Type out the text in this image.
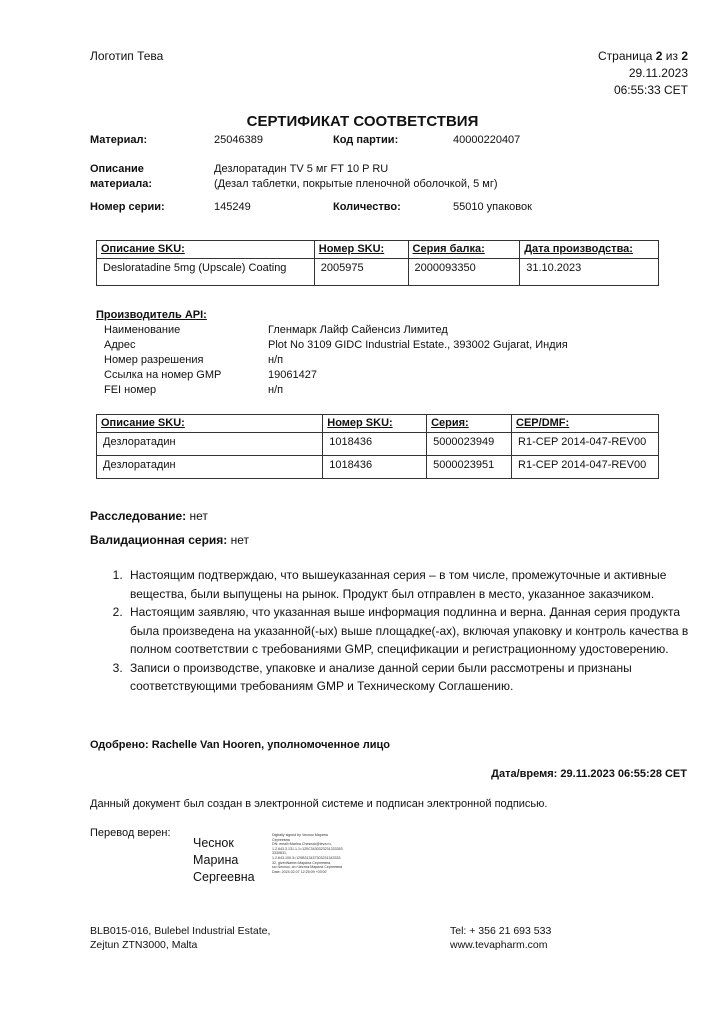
Логотип Тева	Страница 2 из 2
29.11.2023
06:55:33 CET
СЕРТИФИКАТ СООТВЕТСТВИЯ
Материал:	25046389	Код партии:	40000220407
Описание
материала:
Дезлоратадин TV 5 мг FT 10 P RU
(Дезал таблетки, покрытые пленочной оболочкой, 5 мг)
Номер серии:	145249	Количество:	55010 упаковок
Описание SKU:	Номер SKU:	Серия балка:	Дата производства:
Desloratadine 5mg (Upscale) Coating	2005975	2000093350	31.10.2023
Производитель API:
Наименование	Гленмарк Лайф Сайенсиз Лимитед
Адрес	Plot No 3109 GIDC Industrial Estate., 393002 Gujarat, Индия
Номер разрешения	н/п
Ссылка на номер GMP	19061427
FEI номер	н/п
Описание SKU:	Номер SKU:	Серия:	CEP/DMF:
Дезлоратадин	1018436	5000023949	R1-CEP 2014-047-REV00
Дезлоратадин	1018436	5000023951	R1-CEP 2014-047-REV00
Расследование: нет
Валидационная серия: нет
1. Настоящим подтверждаю, что вышеуказанная серия – в том числе, промежуточные и активные вещества, были выпущены на рынок. Продукт был отправлен в место, указанное заказчиком.
2. Настоящим заявляю, что указанная выше информация подлинна и верна. Данная серия продукта была произведена на указанной(-ых) выше площадке(-ах), включая упаковку и контроль качества в полном соответствии с требованиями GMP, спецификации и регистрационному удостоверению.
3. Записи о производстве, упаковке и анализе данной серии были рассмотрены и признаны соответствующими требованиям GMP и Техническому Соглашению.
Одобрено: Rachelle Van Hooren, уполномоченное лицо
Дата/время: 29.11.2023 06:55:28 CET
Данный документ был создан в электронной системе и подписан электронной подписью.
Перевод верен:
Чеснок
Марина
Сергеевна
Digitally signed by Чеснок Марина
Сергеевна
DN: email=Marina.Chesnok@teva.ru,
1.2.643.3.131.1.1=120C3430323231333353
3330831,
1.2.643.100.3=120B313437303231343333
32, givenName=Марина Сергеевна,
sn=Чеснок, cn=Чеснок Марина Сергеевна
Date: 2024.02.07 12:25:09 +03'00'
BLB015-016, Bulebel Industrial Estate,
Zejtun ZTN3000, Malta
Tel: + 356 21 693 533
www.tevapharm.com
